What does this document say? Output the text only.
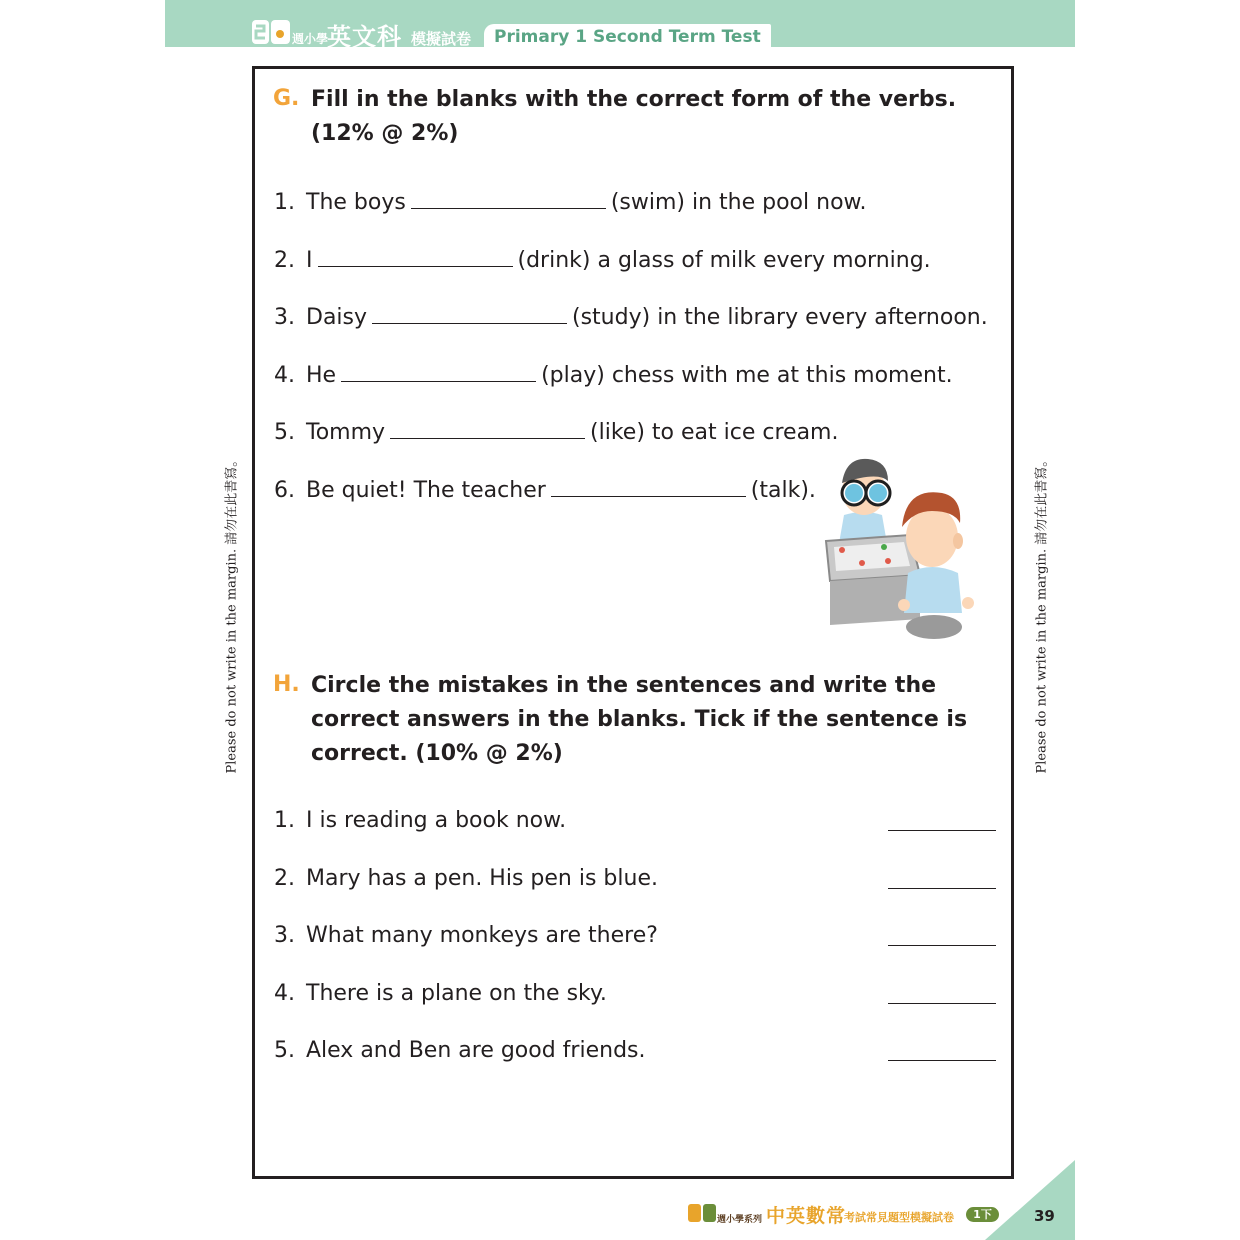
週小學
英文科 模擬試卷	Primary 1 Second Term Test
Please do not write in the margin. 請勿在此書寫。	Please do not write in the margin. 請勿在此書寫。
G. Fill in the blanks with the correct form of the verbs. (12% @ 2%)
1. The boys	(swim) in the pool now.
2. I	(drink) a glass of milk every morning.
3. Daisy	(study) in the library every afternoon.
4. He	(play) chess with me at this moment.
5. Tommy	(like) to eat ice cream.
6. Be quiet! The teacher	(talk).
H. Circle the mistakes in the sentences and write the correct answers in the blanks. Tick if the sentence is correct. (10% @ 2%)
1. I is reading a book now.
2. Mary has a pen. His pen is blue.
3. What many monkeys are there?
4. There is a plane on the sky.
5. Alex and Ben are good friends.
週小學系列 中英數常
考試常見題型模擬試卷	1下	39
